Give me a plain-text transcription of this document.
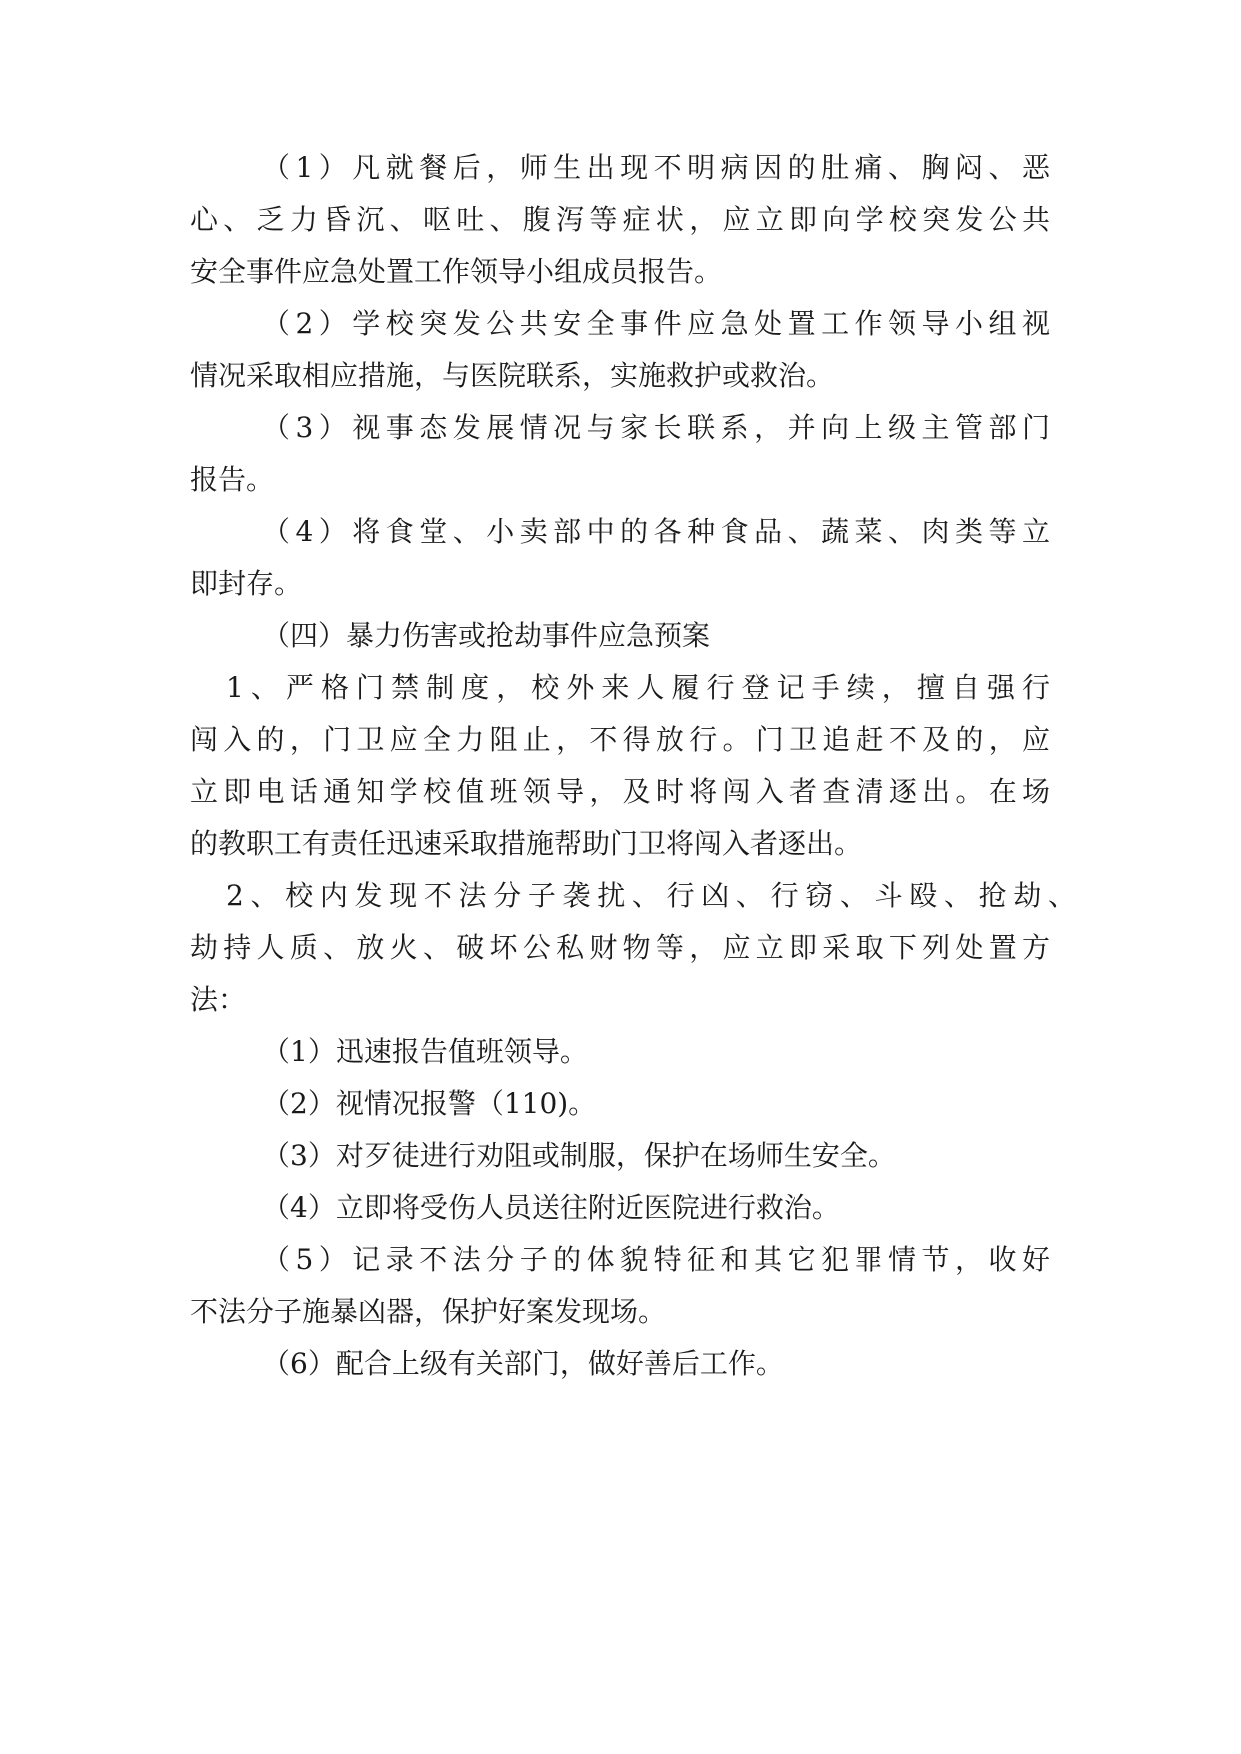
（1）凡就餐后，师生出现不明病因的肚痛、胸闷、恶
心、乏力昏沉、呕吐、腹泻等症状，应立即向学校突发公共
安全事件应急处置工作领导小组成员报告。
（2）学校突发公共安全事件应急处置工作领导小组视
情况采取相应措施，与医院联系，实施救护或救治。
（3）视事态发展情况与家长联系，并向上级主管部门
报告。
（4）将食堂、小卖部中的各种食品、蔬菜、肉类等立
即封存。
（四）暴力伤害或抢劫事件应急预案
1、严格门禁制度，校外来人履行登记手续，擅自强行
闯入的，门卫应全力阻止，不得放行。门卫追赶不及的，应
立即电话通知学校值班领导，及时将闯入者查清逐出。在场
的教职工有责任迅速采取措施帮助门卫将闯入者逐出。
2、校内发现不法分子袭扰、行凶、行窃、斗殴、抢劫、
劫持人质、放火、破坏公私财物等，应立即采取下列处置方
法：
（1）迅速报告值班领导。
（2）视情况报警（110)。
（3）对歹徒进行劝阻或制服，保护在场师生安全。
（4）立即将受伤人员送往附近医院进行救治。
（5）记录不法分子的体貌特征和其它犯罪情节，收好
不法分子施暴凶器，保护好案发现场。
（6）配合上级有关部门，做好善后工作。
